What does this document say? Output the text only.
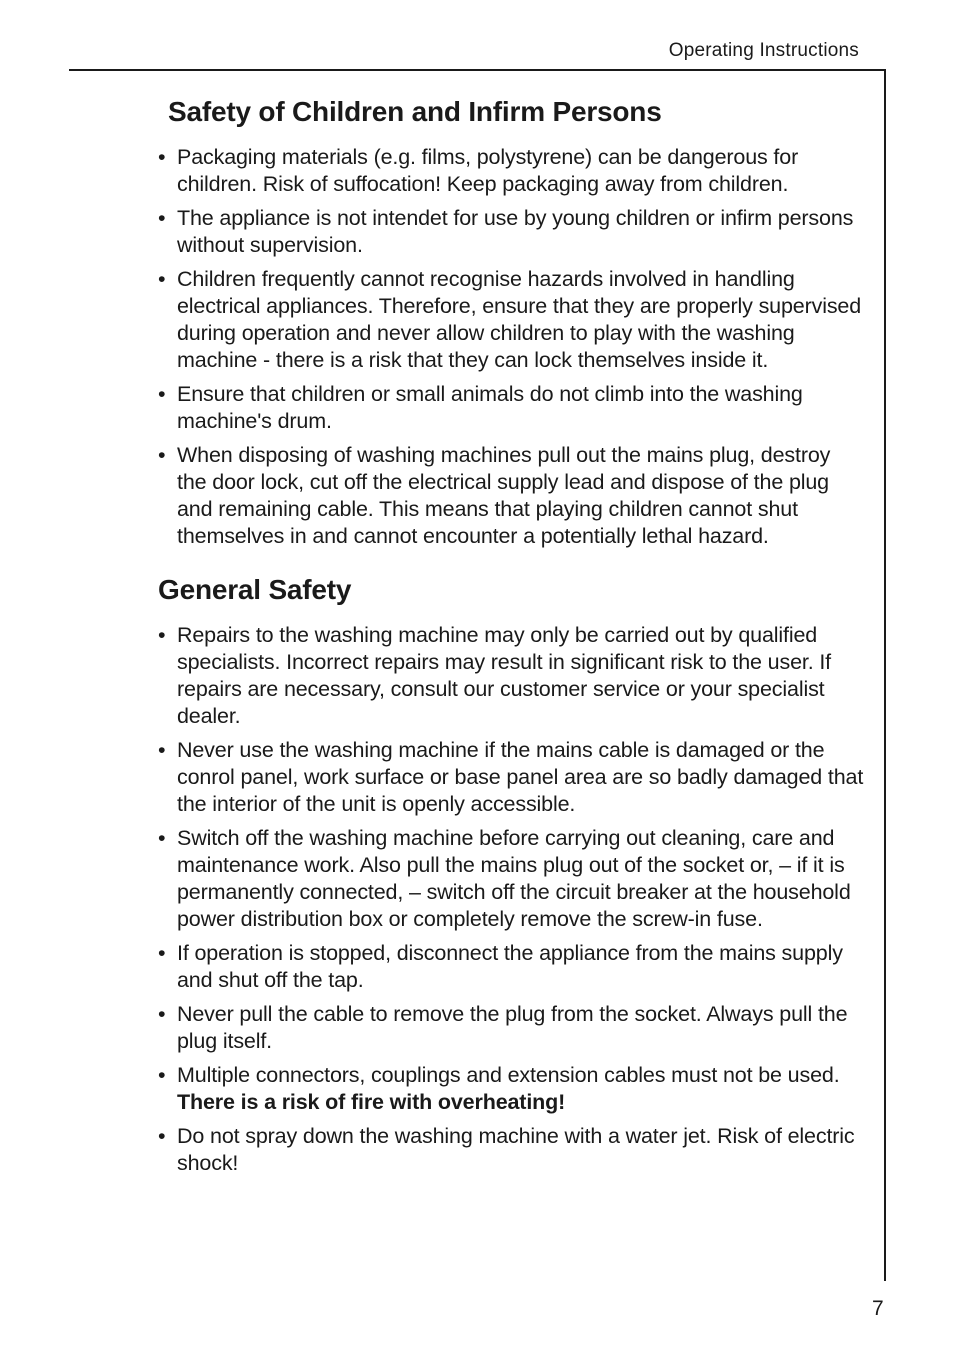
Operating Instructions
Safety of Children and Infirm Persons
• Packaging materials (e.g. films, polystyrene) can be dangerous for children. Risk of suffocation! Keep packaging away from children.
• The appliance is not intendet for use by young children or infirm persons without supervision.
• Children frequently cannot recognise hazards involved in handling electrical appliances. Therefore, ensure that they are properly supervised during operation and never allow children to play with the washing machine - there is a risk that they can lock themselves inside it.
• Ensure that children or small animals do not climb into the washing machine's drum.
• When disposing of washing machines pull out the mains plug, destroy the door lock, cut off the electrical supply lead and dispose of the plug and remaining cable. This means that playing children cannot shut themselves in and cannot encounter a potentially lethal hazard.
General Safety
• Repairs to the washing machine may only be carried out by qualified specialists. Incorrect repairs may result in significant risk to the user. If repairs are necessary, consult our customer service or your specialist dealer.
• Never use the washing machine if the mains cable is damaged or the conrol panel, work surface or base panel area are so badly damaged that the interior of the unit is openly accessible.
• Switch off the washing machine before carrying out cleaning, care and maintenance work. Also pull the mains plug out of the socket or, – if it is permanently connected, – switch off the circuit breaker at the household power distribution box or completely remove the screw-in fuse.
• If operation is stopped, disconnect the appliance from the mains supply and shut off the tap.
• Never pull the cable to remove the plug from the socket. Always pull the plug itself.
• Multiple connectors, couplings and extension cables must not be used. There is a risk of fire with overheating!
• Do not spray down the washing machine with a water jet. Risk of electric shock!
7
